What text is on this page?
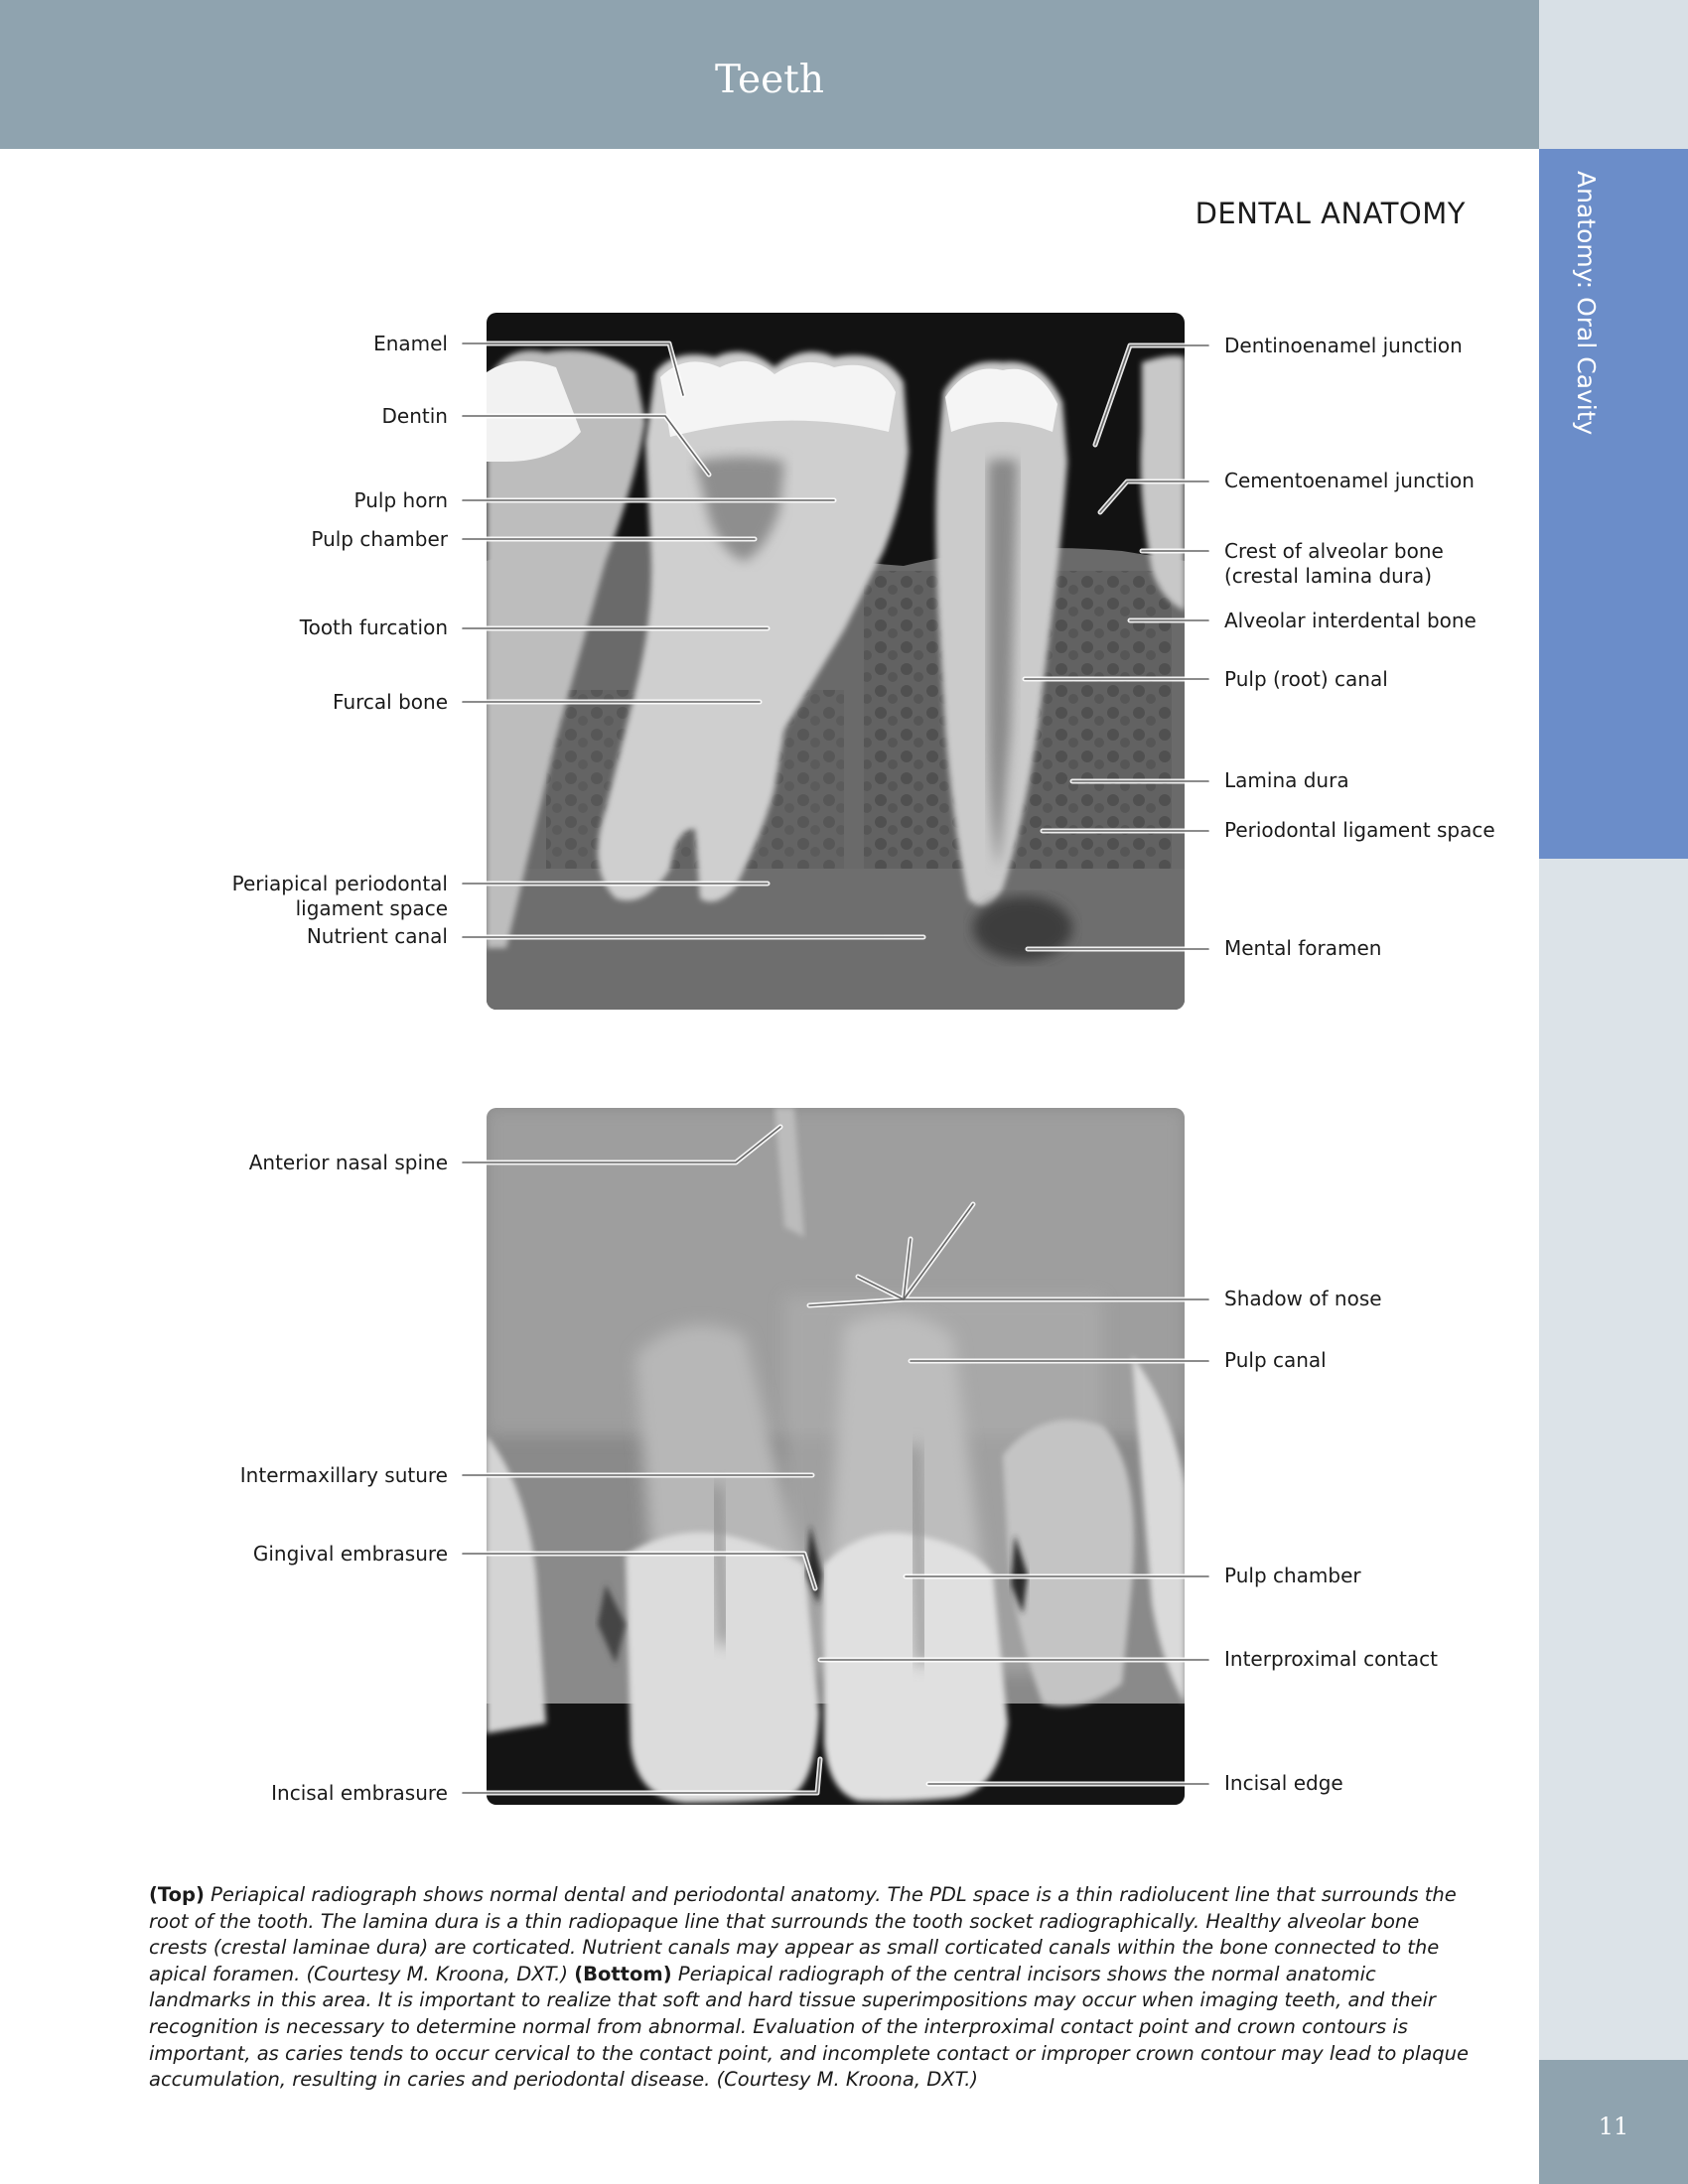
Teeth
Anatomy: Oral Cavity
11
DENTAL ANATOMY
Enamel
Dentin
Pulp horn
Pulp chamber
Tooth furcation
Furcal bone
Periapical periodontal
ligament space
Nutrient canal
Dentinoenamel junction
Cementoenamel junction
Crest of alveolar bone (crestal lamina dura)
Alveolar interdental bone
Pulp (root) canal
Lamina dura
Periodontal ligament space
Mental foramen
Anterior nasal spine
Intermaxillary suture
Gingival embrasure
Incisal embrasure
Shadow of nose
Pulp canal
Pulp chamber
Interproximal contact
Incisal edge
(Top) Periapical radiograph shows normal dental and periodontal anatomy. The PDL space is a thin radiolucent line that surrounds the root of the tooth. The lamina dura is a thin radiopaque line that surrounds the tooth socket radiographically. Healthy alveolar bone crests (crestal laminae dura) are corticated. Nutrient canals may appear as small corticated canals within the bone connected to the apical foramen. (Courtesy M. Kroona, DXT.) (Bottom) Periapical radiograph of the central incisors shows the normal anatomic landmarks in this area. It is important to realize that soft and hard tissue superimpositions may occur when imaging teeth, and their recognition is necessary to determine normal from abnormal. Evaluation of the interproximal contact point and crown contours is important, as caries tends to occur cervical to the contact point, and incomplete contact or improper crown contour may lead to plaque accumulation, resulting in caries and periodontal disease. (Courtesy M. Kroona, DXT.)
